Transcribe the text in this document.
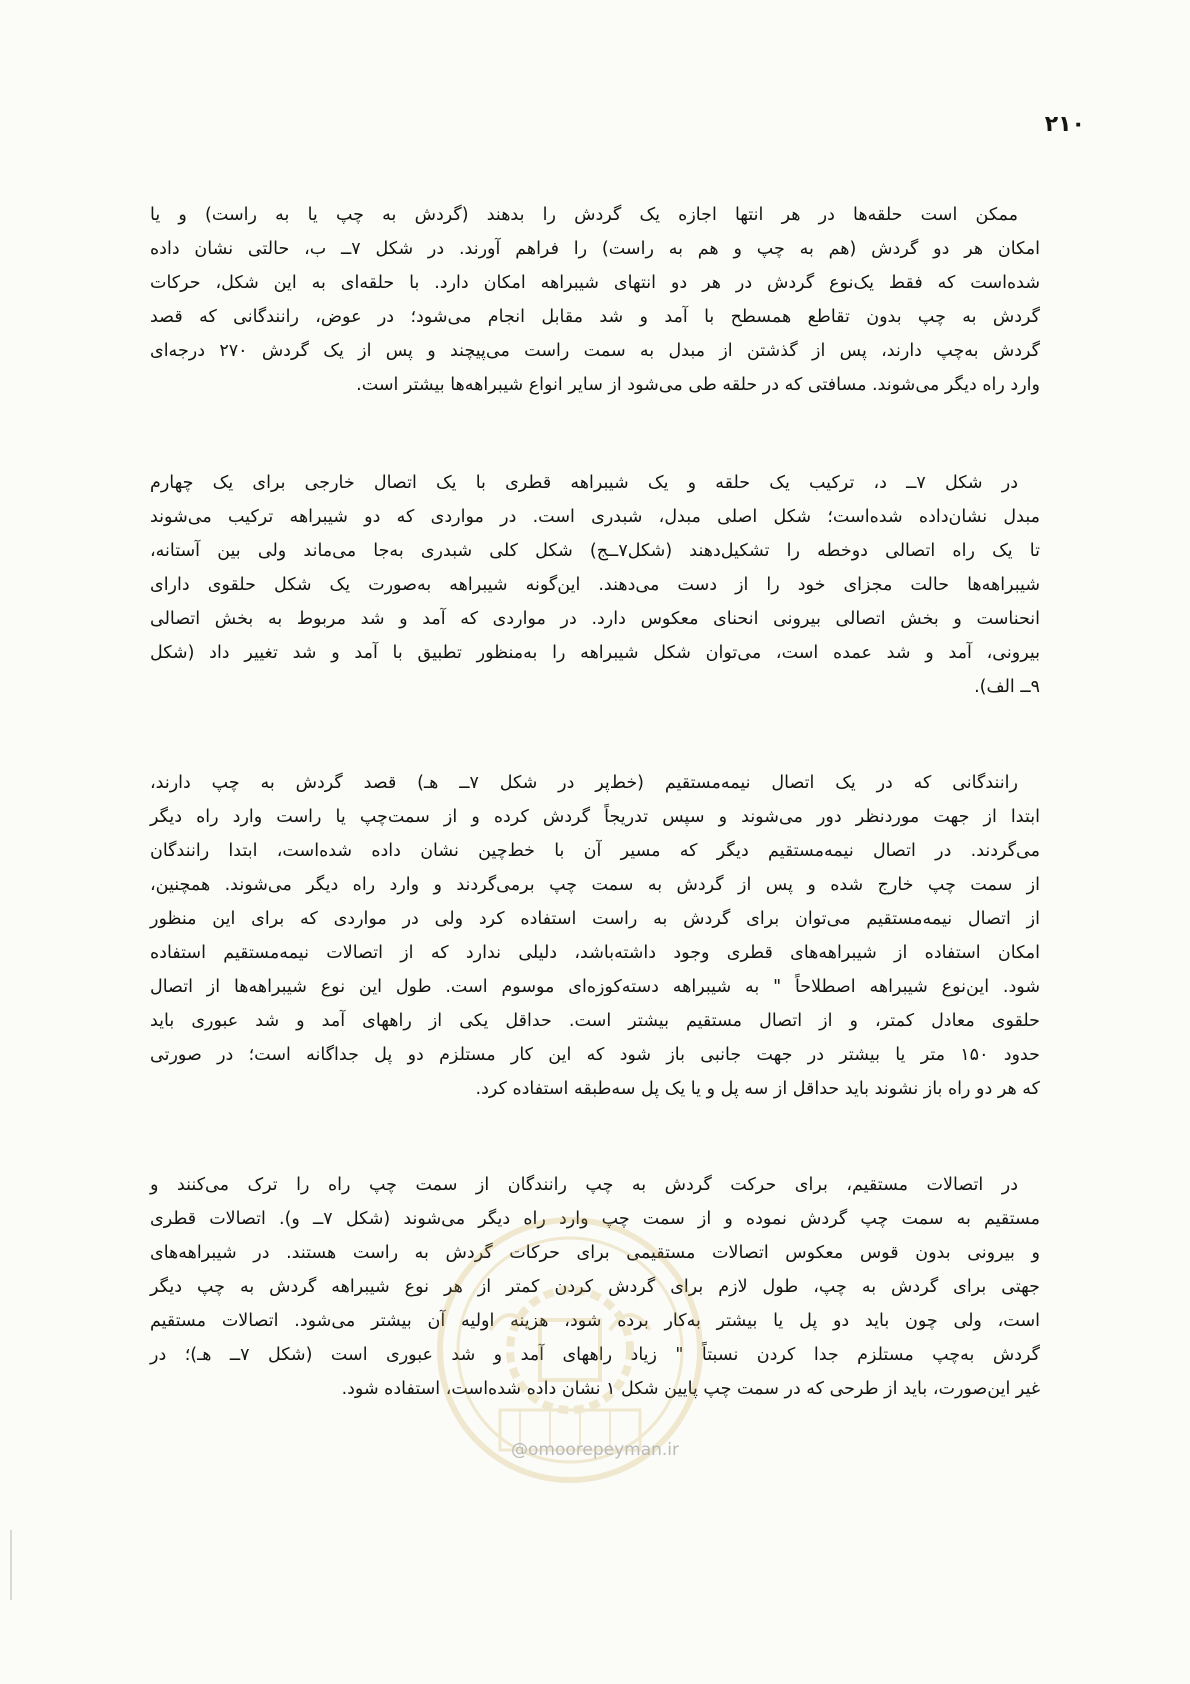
۲۱۰
ممکن است حلقه‌ها در هر انتها اجازه یک گردش را بدهند (گردش به چپ یا به راست) و یا
امکان هر دو گردش (هم به چپ و هم به راست) را فراهم آورند. در شکل ۷ــ ب، حالتی نشان داده
شده‌است که فقط یک‌نوع گردش در هر دو انتهای شیبراهه امکان دارد. با حلقه‌ای به این شکل، حرکات
گردش به چپ بدون تقاطع همسطح با آمد و شد مقابل انجام می‌شود؛ در عوض، رانندگانی که قصد
گردش به‌چپ دارند، پس از گذشتن از مبدل به سمت راست می‌پیچند و پس از یک گردش ۲۷۰ درجه‌ای
وارد راه دیگر می‌شوند. مسافتی که در حلقه طی می‌شود از سایر انواع شیبراهه‌ها بیشتر است.
در شکل ۷ــ د، ترکیب یک حلقه و یک شیبراهه قطری با یک اتصال خارجی برای یک چهارم
مبدل نشان‌داده شده‌است؛ شکل اصلی مبدل، شبدری است. در مواردی که دو شیبراهه ترکیب می‌شوند
تا یک راه اتصالی دوخطه را تشکیل‌دهند (شکل۷ــج) شکل کلی شبدری به‌جا می‌ماند ولی بین آستانه،
شیبراهه‌ها حالت مجزای خود را از دست می‌دهند. این‌گونه شیبراهه به‌صورت یک شکل حلقوی دارای
انحناست و بخش اتصالی بیرونی انحنای معکوس دارد. در مواردی که آمد و شد مربوط به بخش اتصالی
بیرونی، آمد و شد عمده است، می‌توان شکل شیبراهه را به‌منظور تطبیق با آمد و شد تغییر داد (شکل
۹ــ الف).
رانندگانی که در یک اتصال نیمه‌مستقیم (خط‌پر در شکل ۷ــ هـ) قصد گردش به چپ دارند،
ابتدا از جهت موردنظر دور می‌شوند و سپس تدریجاً گردش کرده و از سمت‌چپ یا راست وارد راه دیگر
می‌گردند. در اتصال نیمه‌مستقیم دیگر که مسیر آن با خط‌چین نشان داده شده‌است، ابتدا رانندگان
از سمت چپ خارج شده و پس از گردش به سمت چپ برمی‌گردند و وارد راه دیگر می‌شوند. همچنین،
از اتصال نیمه‌مستقیم می‌توان برای گردش به راست استفاده کرد ولی در مواردی که برای این منظور
امکان استفاده از شیبراهه‌های قطری وجود داشته‌باشد، دلیلی ندارد که از اتصالات نیمه‌مستقیم استفاده
شود. این‌نوع شیبراهه اصطلاحاً " به شیبراهه دسته‌کوزه‌ای موسوم است. طول این نوع شیبراهه‌ها از اتصال
حلقوی معادل کمتر، و از اتصال مستقیم بیشتر است. حداقل یکی از راههای آمد و شد عبوری باید
حدود ۱۵۰ متر یا بیشتر در جهت جانبی باز شود که این کار مستلزم دو پل جداگانه است؛ در صورتی
که هر دو راه باز نشوند باید حداقل از سه پل و یا یک پل سه‌طبقه استفاده کرد.
در اتصالات مستقیم، برای حرکت گردش به چپ رانندگان از سمت چپ راه را ترک می‌کنند و
مستقیم به سمت چپ گردش نموده و از سمت چپ وارد راه دیگر می‌شوند (شکل ۷ــ و). اتصالات قطری
و بیرونی بدون قوس معکوس اتصالات مستقیمی برای حرکات گردش به راست هستند. در شیبراهه‌های
جهتی برای گردش به چپ، طول لازم برای گردش کردن کمتر از هر نوع شیبراهه گردش به چپ دیگر
است، ولی چون باید دو پل یا بیشتر به‌کار برده شود، هزینه اولیه آن بیشتر می‌شود. اتصالات مستقیم
گردش به‌چپ مستلزم جدا کردن نسبتاً " زیاد راههای آمد و شد عبوری است (شکل ۷ــ هـ)؛ در
غیر این‌صورت، باید از طرحی که در سمت چپ پایین شکل ۱ نشان داده شده‌است، استفاده شود.
@omoorepeyman.ir
